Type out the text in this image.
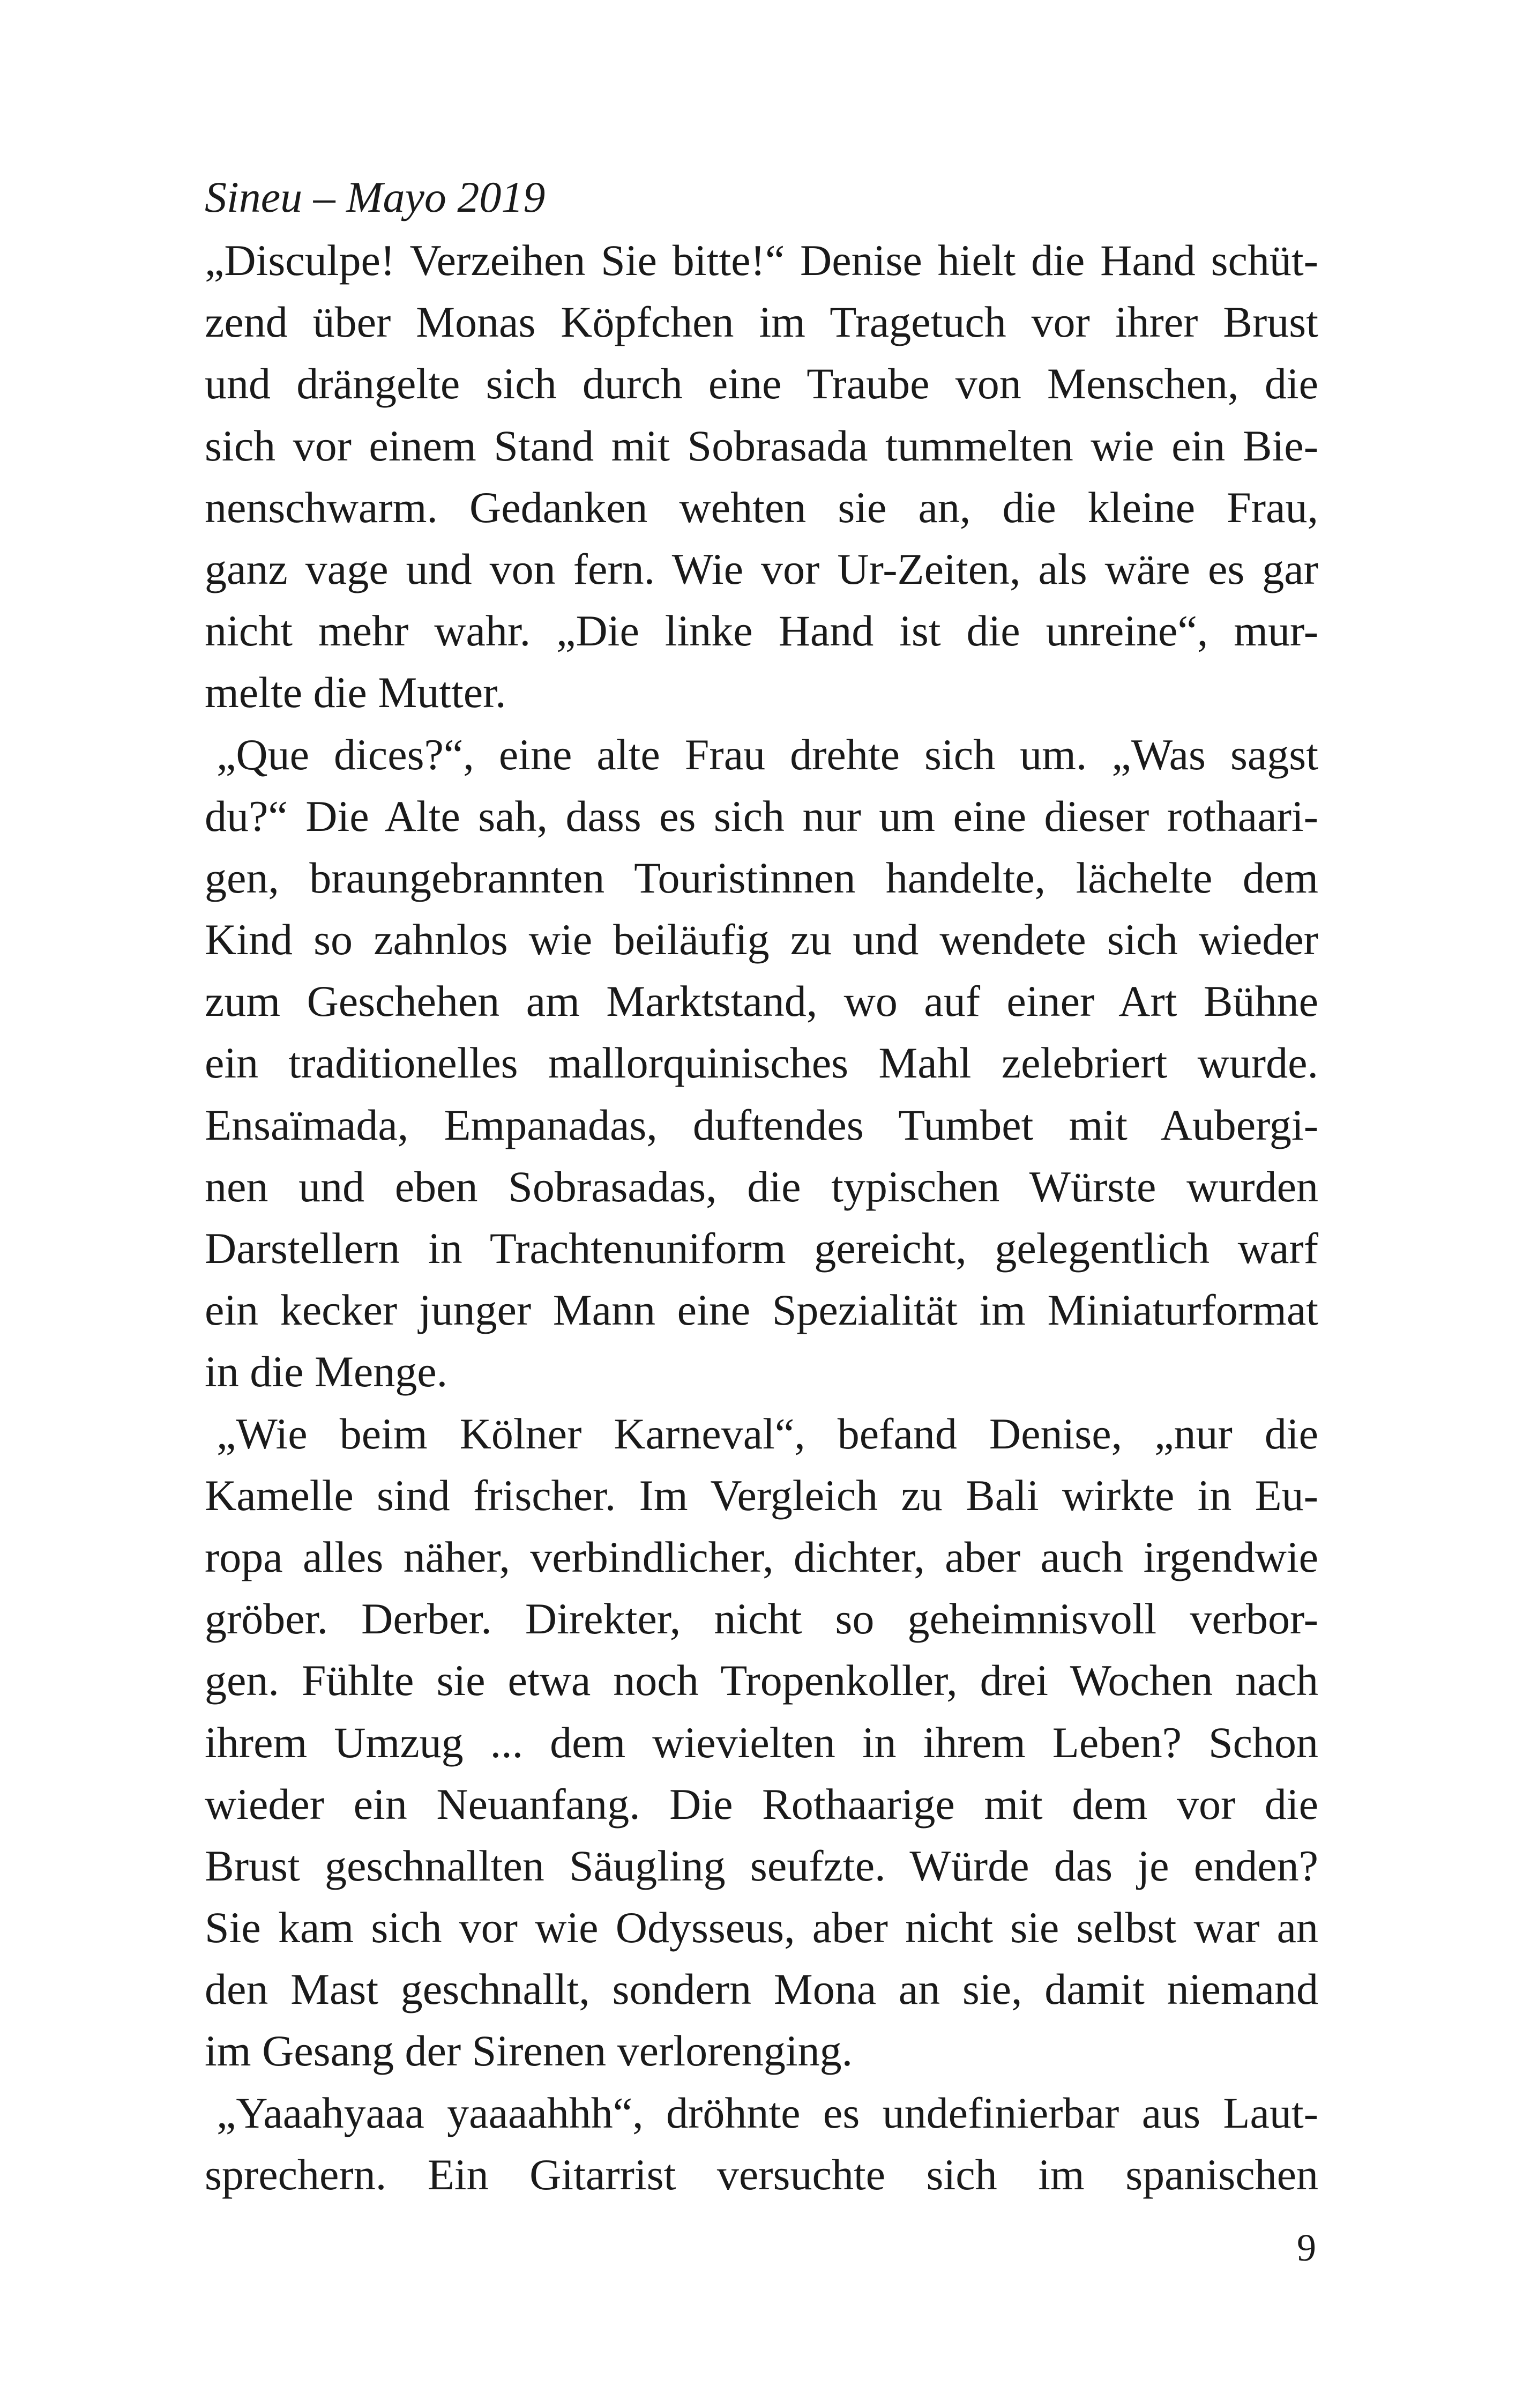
Sineu – Mayo 2019
„Disculpe! Verzeihen Sie bitte!“ Denise hielt die Hand schüt-
zend über Monas Köpfchen im Tragetuch vor ihrer Brust
und drängelte sich durch eine Traube von Menschen, die
sich vor einem Stand mit Sobrasada tummelten wie ein Bie-
nenschwarm. Gedanken wehten sie an, die kleine Frau,
ganz vage und von fern. Wie vor Ur-Zeiten, als wäre es gar
nicht mehr wahr. „Die linke Hand ist die unreine“, mur-
melte die Mutter.
„Que dices?“, eine alte Frau drehte sich um. „Was sagst
du?“ Die Alte sah, dass es sich nur um eine dieser rothaari-
gen, braungebrannten Touristinnen handelte, lächelte dem
Kind so zahnlos wie beiläufig zu und wendete sich wieder
zum Geschehen am Marktstand, wo auf einer Art Bühne
ein traditionelles mallorquinisches Mahl zelebriert wurde.
Ensaïmada, Empanadas, duftendes Tumbet mit Aubergi-
nen und eben Sobrasadas, die typischen Würste wurden
Darstellern in Trachtenuniform gereicht, gelegentlich warf
ein kecker junger Mann eine Spezialität im Miniaturformat
in die Menge.
„Wie beim Kölner Karneval“, befand Denise, „nur die
Kamelle sind frischer. Im Vergleich zu Bali wirkte in Eu-
ropa alles näher, verbindlicher, dichter, aber auch irgendwie
gröber. Derber. Direkter, nicht so geheimnisvoll verbor-
gen. Fühlte sie etwa noch Tropenkoller, drei Wochen nach
ihrem Umzug ... dem wievielten in ihrem Leben? Schon
wieder ein Neuanfang. Die Rothaarige mit dem vor die
Brust geschnallten Säugling seufzte. Würde das je enden?
Sie kam sich vor wie Odysseus, aber nicht sie selbst war an
den Mast geschnallt, sondern Mona an sie, damit niemand
im Gesang der Sirenen verlorenging.
„Yaaahyaaa yaaaahhh“, dröhnte es undefinierbar aus Laut-
sprechern. Ein Gitarrist versuchte sich im spanischen
9
